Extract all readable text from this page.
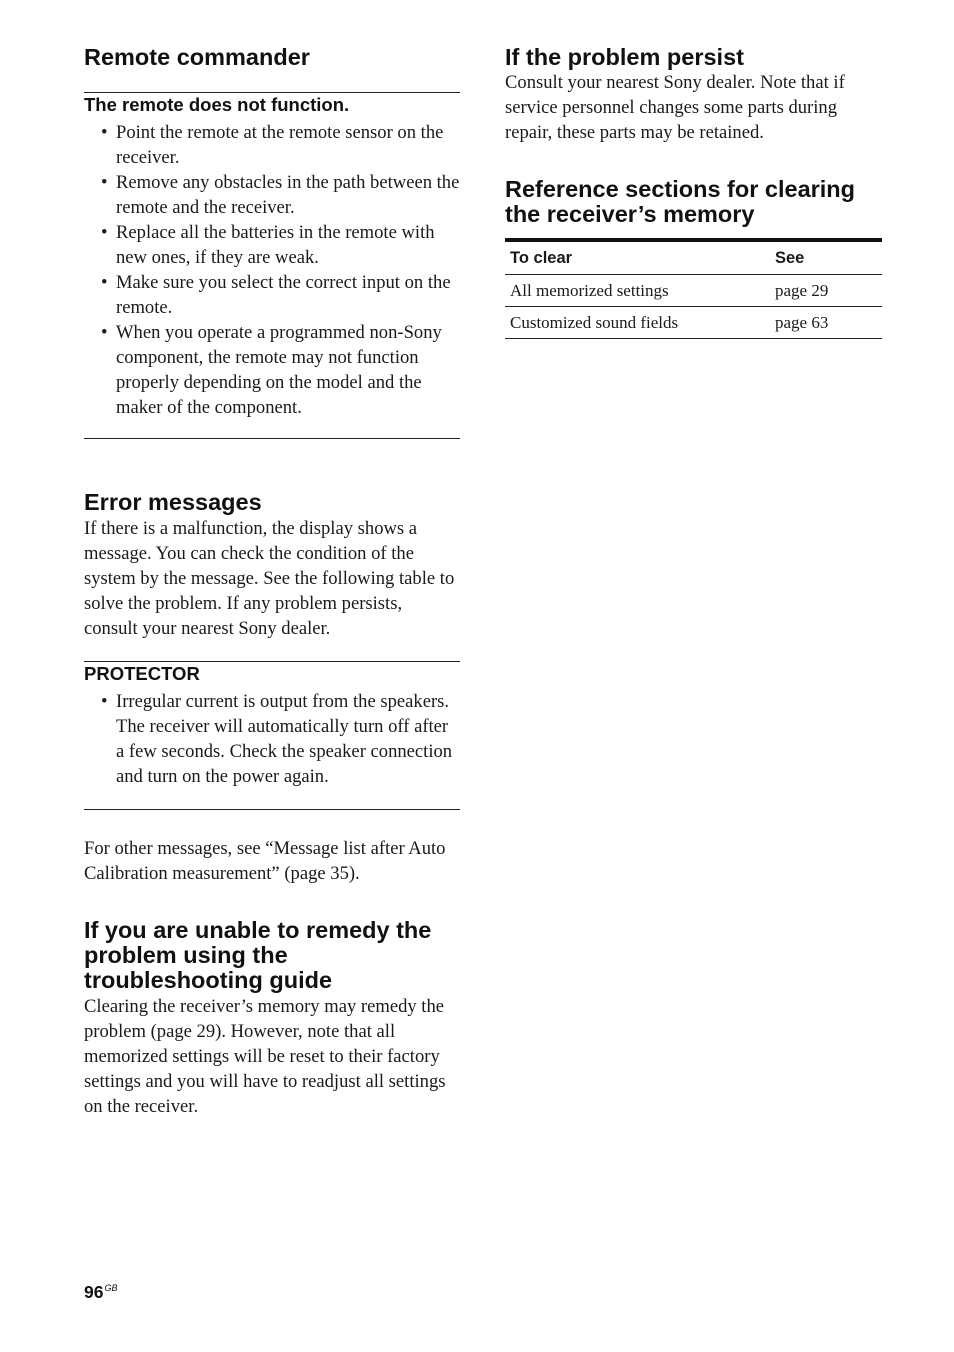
Remote commander
The remote does not function.
• Point the remote at the remote sensor on the receiver.
• Remove any obstacles in the path between the remote and the receiver.
• Replace all the batteries in the remote with new ones, if they are weak.
• Make sure you select the correct input on the remote.
• When you operate a programmed non-Sony component, the remote may not function properly depending on the model and the maker of the component.
Error messages

If there is a malfunction, the display shows a message. You can check the condition of the system by the message. See the following table to solve the problem. If any problem persists, consult your nearest Sony dealer.

PROTECTOR
• Irregular current is output from the speakers. The receiver will automatically turn off after a few seconds. Check the speaker connection and turn on the power again.

For other messages, see “Message list after Auto Calibration measurement” (page 35).

If you are unable to remedy the problem using the troubleshooting guide

Clearing the receiver’s memory may remedy the problem (page 29). However, note that all memorized settings will be reset to their factory settings and you will have to readjust all settings on the receiver.

If the problem persist

Consult your nearest Sony dealer. Note that if service personnel changes some parts during repair, these parts may be retained.

Reference sections for clearing the receiver’s memory
To clear	See
All memorized settings	page 29
Customized sound fields	page 63
$96^{GB}$
